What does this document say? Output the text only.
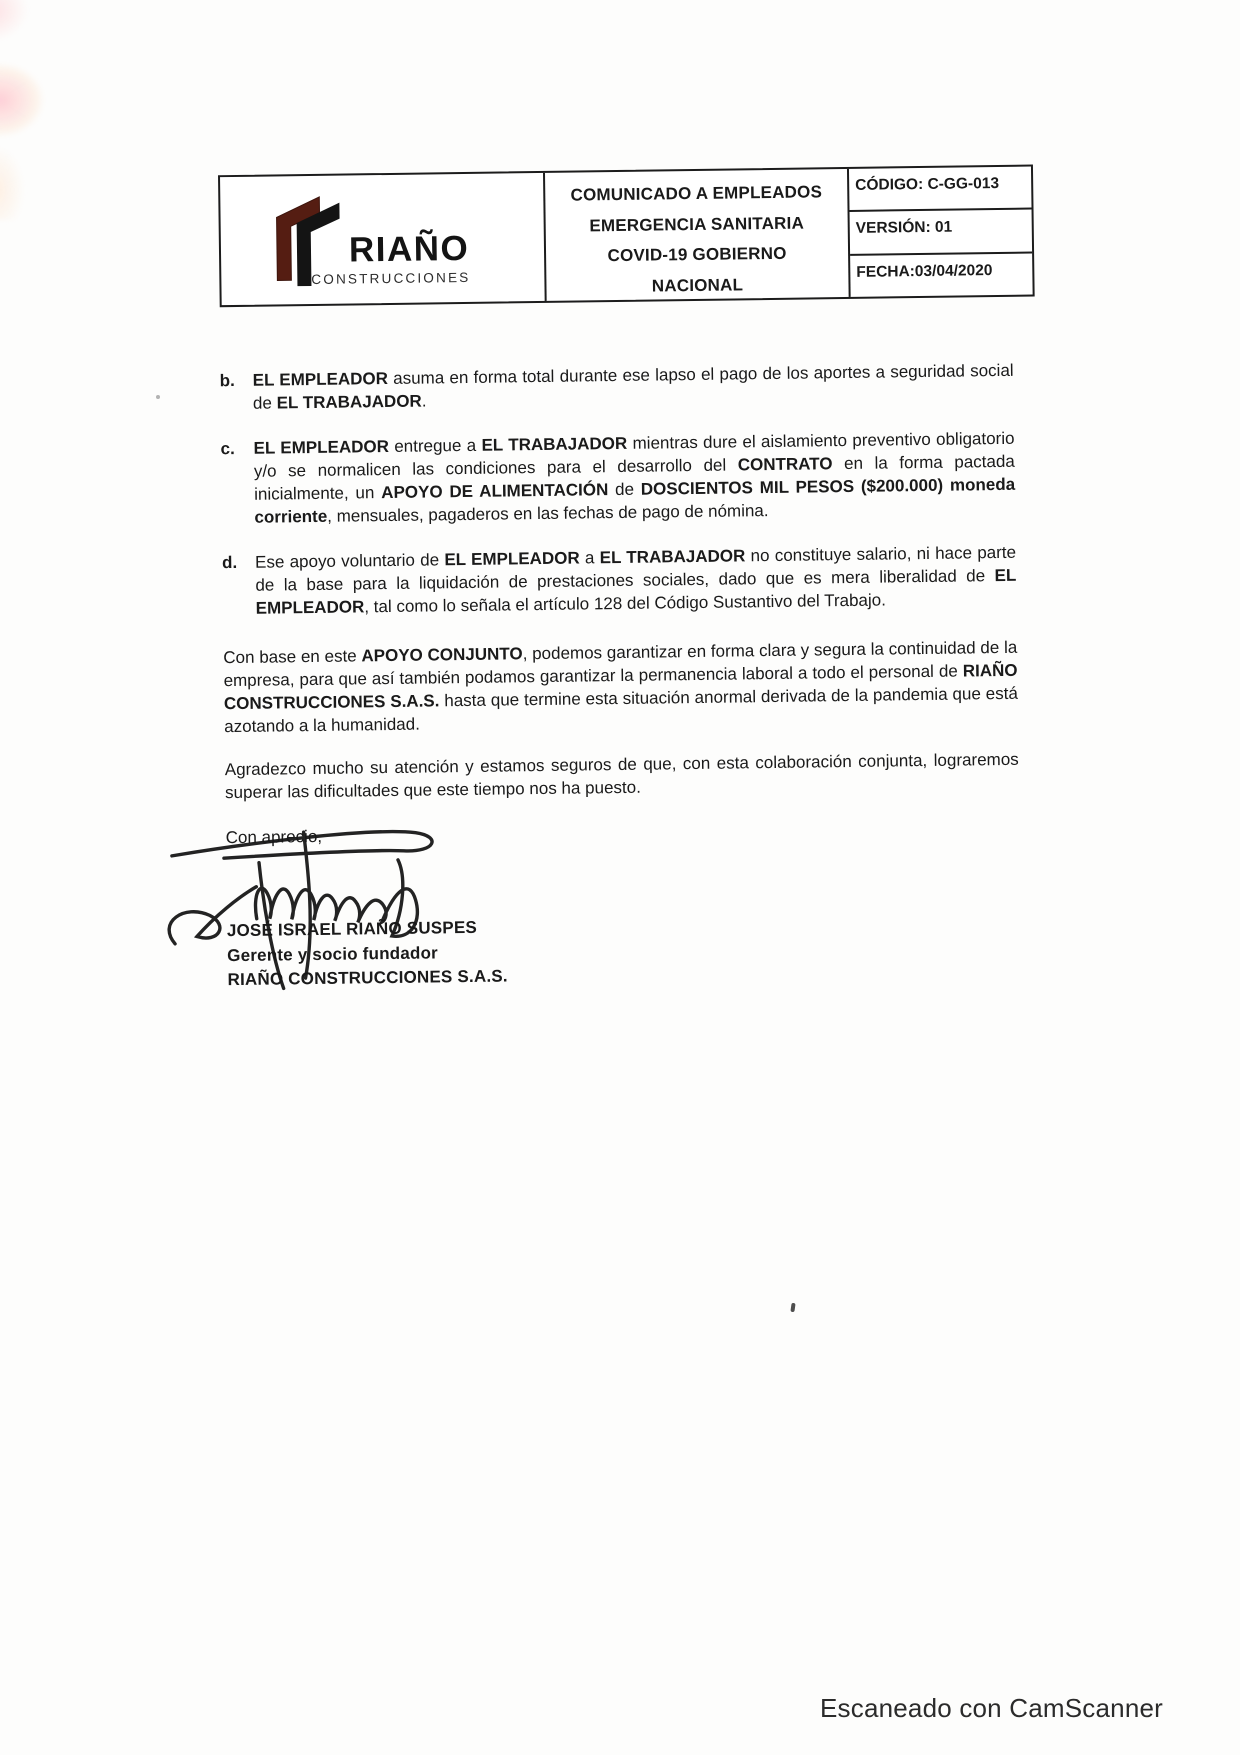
RIAÑO
CONSTRUCCIONES
COMUNICADO A EMPLEADOS
EMERGENCIA SANITARIA
COVID-19 GOBIERNO
NACIONAL
CÓDIGO: C-GG-013
VERSIÓN: 01
FECHA:03/04/2020
b.	EL EMPLEADOR asuma en forma total durante ese lapso el pago de los aportes a seguridad social de EL TRABAJADOR.
c.	EL EMPLEADOR entregue a EL TRABAJADOR mientras dure el aislamiento preventivo obligatorio y/o se normalicen las condiciones para el desarrollo del CONTRATO en la forma pactada inicialmente, un APOYO DE ALIMENTACIÓN de DOSCIENTOS MIL PESOS ($200.000) moneda corriente, mensuales, pagaderos en las fechas de pago de nómina.
d.	Ese apoyo voluntario de EL EMPLEADOR a EL TRABAJADOR no constituye salario, ni hace parte de la base para la liquidación de prestaciones sociales, dado que es mera liberalidad de EL EMPLEADOR, tal como lo señala el artículo 128 del Código Sustantivo del Trabajo.
Con base en este APOYO CONJUNTO, podemos garantizar en forma clara y segura la continuidad de la empresa, para que así también podamos garantizar la permanencia laboral a todo el personal de RIAÑO CONSTRUCCIONES S.A.S. hasta que termine esta situación anormal derivada de la pandemia que está azotando a la humanidad.
Agradezco mucho su atención y estamos seguros de que, con esta colaboración conjunta, lograremos superar las dificultades que este tiempo nos ha puesto.
Con aprecio,
JOSÉ ISRAEL RIAÑO SUSPES
Gerente y socio fundador
RIAÑO CONSTRUCCIONES S.A.S.
Escaneado con CamScanner
